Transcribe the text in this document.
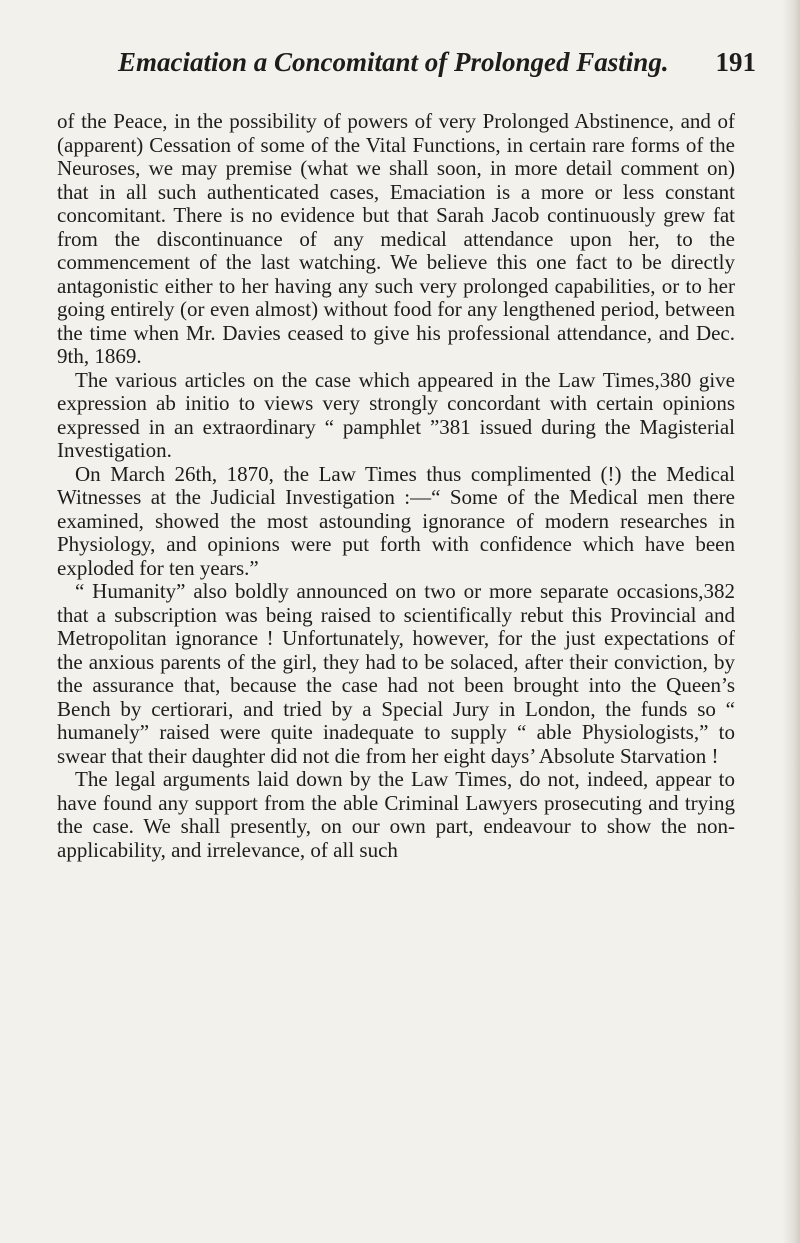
Emaciation a Concomitant of Prolonged Fasting. 191

of the Peace, in the possibility of powers of very Prolonged Abstinence, and of (apparent) Cessation of some of the Vital Functions, in certain rare forms of the Neuroses, we may premise (what we shall soon, in more detail comment on) that in all such authenticated cases, Emaciation is a more or less constant concomitant. There is no evidence but that Sarah Jacob continuously grew fat from the discontinuance of any medical attendance upon her, to the commencement of the last watching. We believe this one fact to be directly antagonistic either to her having any such very prolonged capabilities, or to her going entirely (or even almost) without food for any lengthened period, between the time when Mr. Davies ceased to give his professional attendance, and Dec. 9th, 1869.

The various articles on the case which appeared in the Law Times,380 give expression ab initio to views very strongly concordant with certain opinions expressed in an extraordinary “ pamphlet ”381 issued during the Magisterial Investigation.

On March 26th, 1870, the Law Times thus complimented (!) the Medical Witnesses at the Judicial Investigation :—“ Some of the Medical men there examined, showed the most astounding ignorance of modern researches in Physiology, and opinions were put forth with confidence which have been exploded for ten years.”

“ Humanity” also boldly announced on two or more separate occasions,382 that a subscription was being raised to scientifically rebut this Provincial and Metropolitan ignorance ! Unfortunately, however, for the just expectations of the anxious parents of the girl, they had to be solaced, after their conviction, by the assurance that, because the case had not been brought into the Queen’s Bench by certiorari, and tried by a Special Jury in London, the funds so “ humanely” raised were quite inadequate to supply “ able Physiologists,” to swear that their daughter did not die from her eight days’ Absolute Starvation !

The legal arguments laid down by the Law Times, do not, indeed, appear to have found any support from the able Criminal Lawyers prosecuting and trying the case. We shall presently, on our own part, endeavour to show the non-applicability, and irrelevance, of all such
